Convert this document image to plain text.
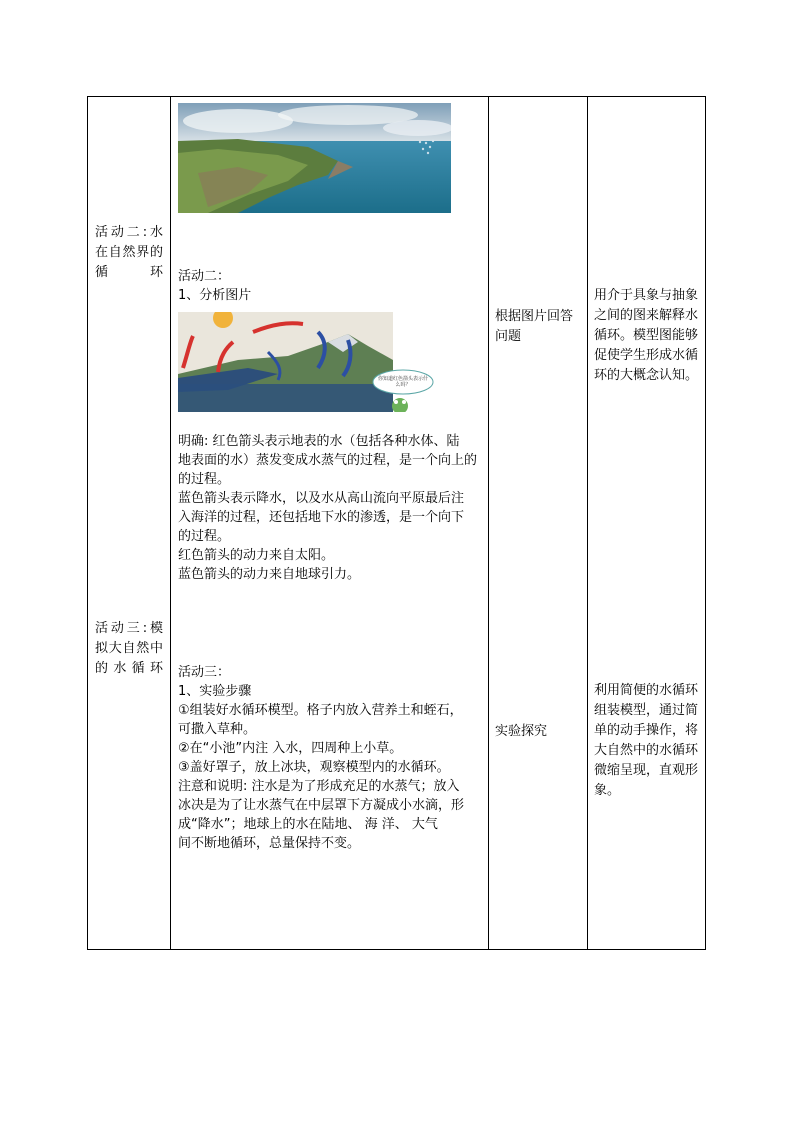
活动二:水在自然界的循环
活动三:模拟大自然中的水循环

活动二：

1、分析图片

你知道红色箭头表示什么吗？

明确: 红色箭头表示地表的水（包括各种水体、陆

地表面的水）蒸发变成水蒸气的过程，是一个向上的

的过程。

蓝色箭头表示降水，以及水从高山流向平原最后注

入海洋的过程，还包括地下水的渗透，是一个向下

的过程。

红色箭头的动力来自太阳。

蓝色箭头的动力来自地球引力。

活动三：

1、实验步骤

①组装好水循环模型。格子内放入营养土和蛭石，

可撒入草种。

②在“小池”内注 入水，四周种上小草。

③盖好罩子，放上冰块，观察模型内的水循环。

注意和说明: 注水是为了形成充足的水蒸气；放入

冰决是为了让水蒸气在中层罩下方凝成小水滴，形

成“降水”；地球上的水在陆地、 海 洋、 大气

间不断地循环，总量保持不变。

根据图片回答问题
实验探究
用介于具象与抽象之间的图来解释水循环。模型图能够促使学生形成水循环的大概念认知。
利用简便的水循环组装模型，通过简单的动手操作，将大自然中的水循环微缩呈现，直观形象。
